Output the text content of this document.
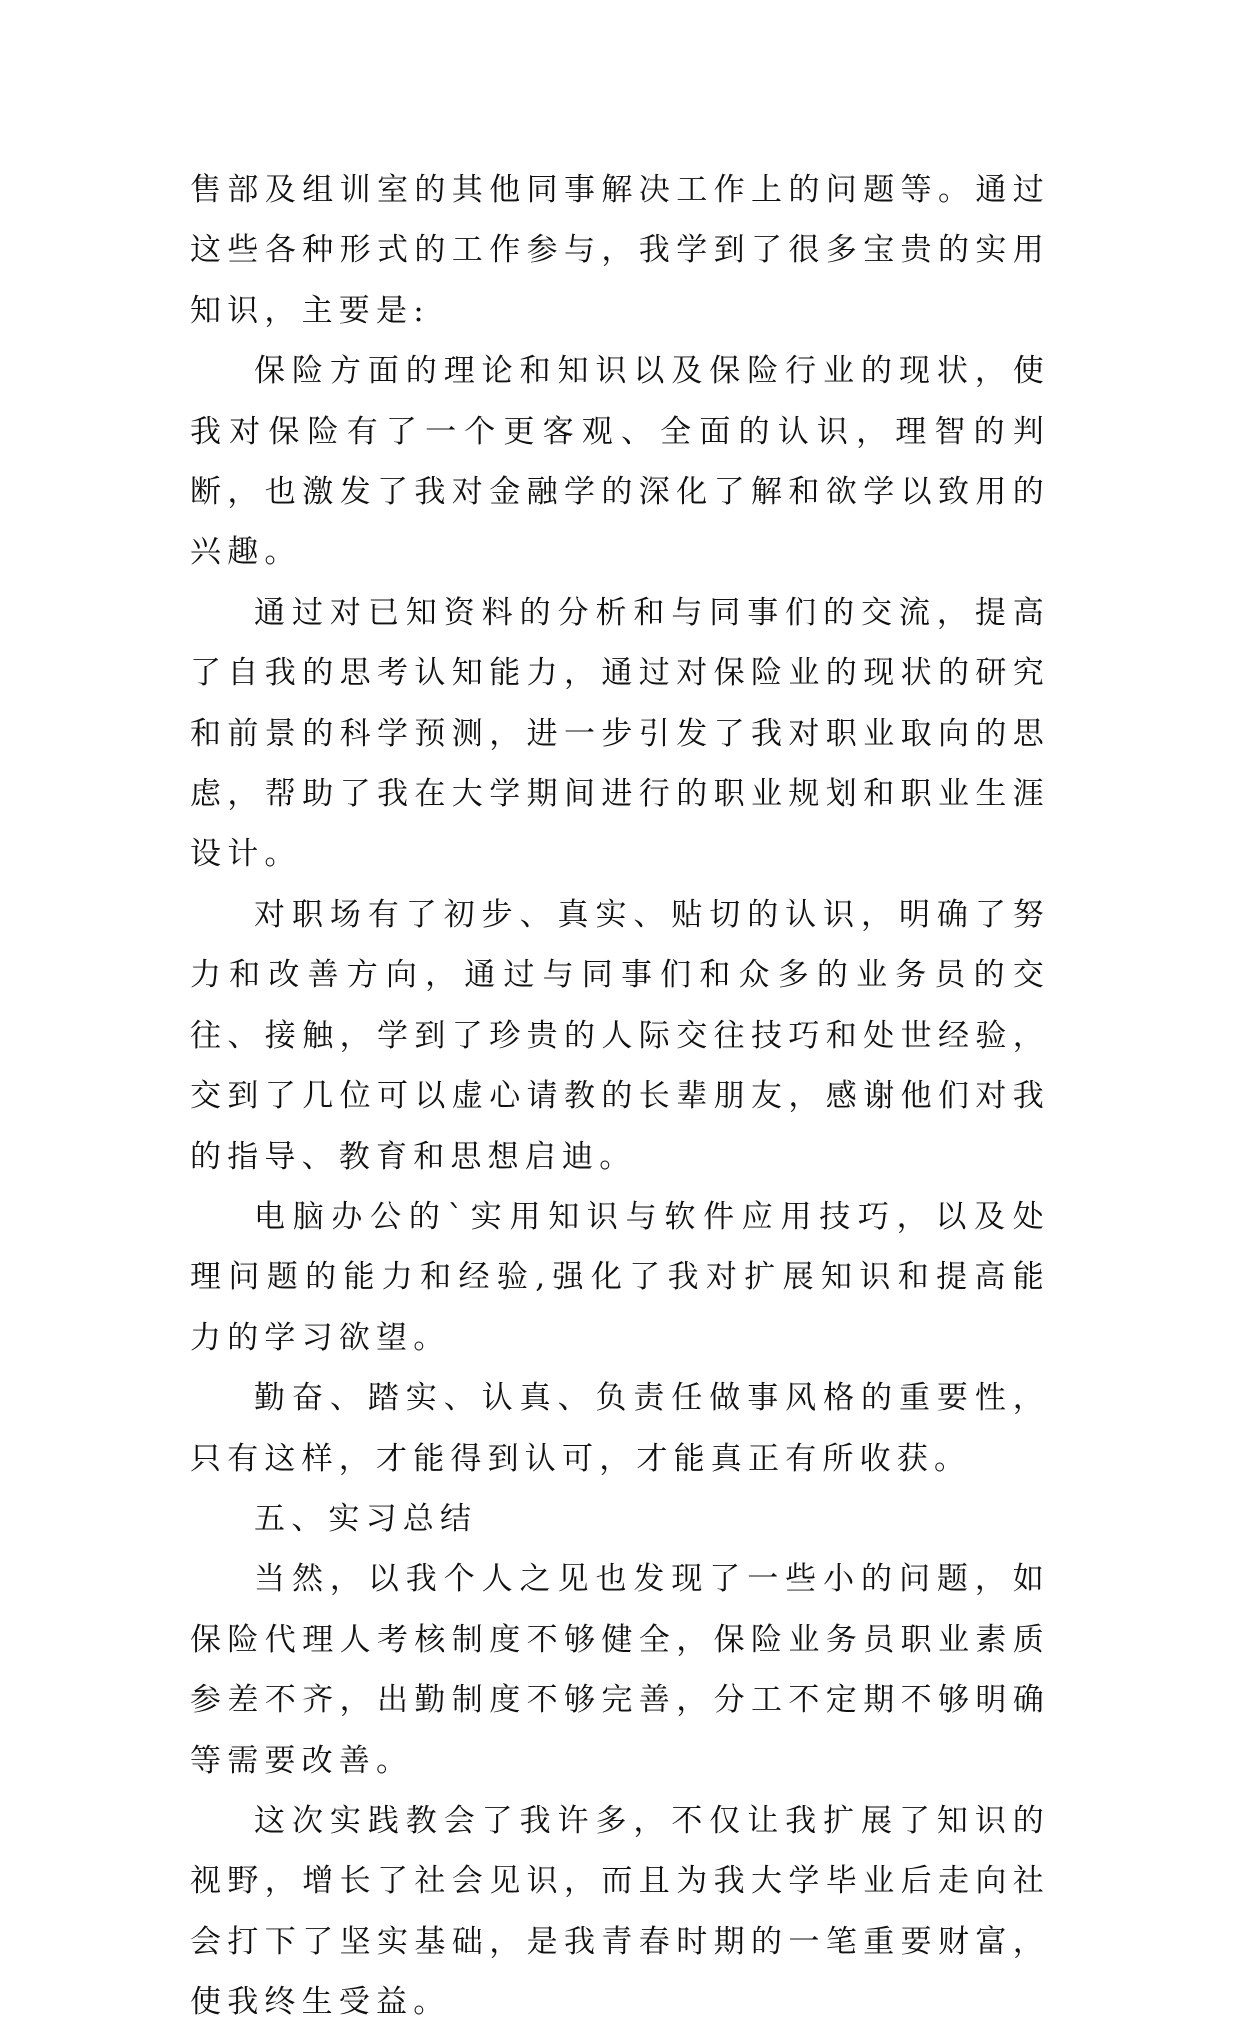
售部及组训室的其他同事解决工作上的问题等。通过这些各种形式的工作参与，我学到了很多宝贵的实用知识，主要是:

保险方面的理论和知识以及保险行业的现状，使我对保险有了一个更客观、全面的认识，理智的判断，也激发了我对金融学的深化了解和欲学以致用的兴趣。

通过对已知资料的分析和与同事们的交流，提高了自我的思考认知能力，通过对保险业的现状的研究和前景的科学预测，进一步引发了我对职业取向的思虑，帮助了我在大学期间进行的职业规划和职业生涯设计。

对职场有了初步、真实、贴切的认识，明确了努力和改善方向，通过与同事们和众多的业务员的交往、接触，学到了珍贵的人际交往技巧和处世经验，交到了几位可以虚心请教的长辈朋友，感谢他们对我的指导、教育和思想启迪。

电脑办公的`实用知识与软件应用技巧，以及处理问题的能力和经验,强化了我对扩展知识和提高能力的学习欲望。

勤奋、踏实、认真、负责任做事风格的重要性，只有这样，才能得到认可，才能真正有所收获。

五、实习总结

当然，以我个人之见也发现了一些小的问题，如保险代理人考核制度不够健全，保险业务员职业素质参差不齐，出勤制度不够完善，分工不定期不够明确等需要改善。

这次实践教会了我许多，不仅让我扩展了知识的视野，增长了社会见识，而且为我大学毕业后走向社会打下了坚实基础，是我青春时期的一笔重要财富，使我终生受益。
